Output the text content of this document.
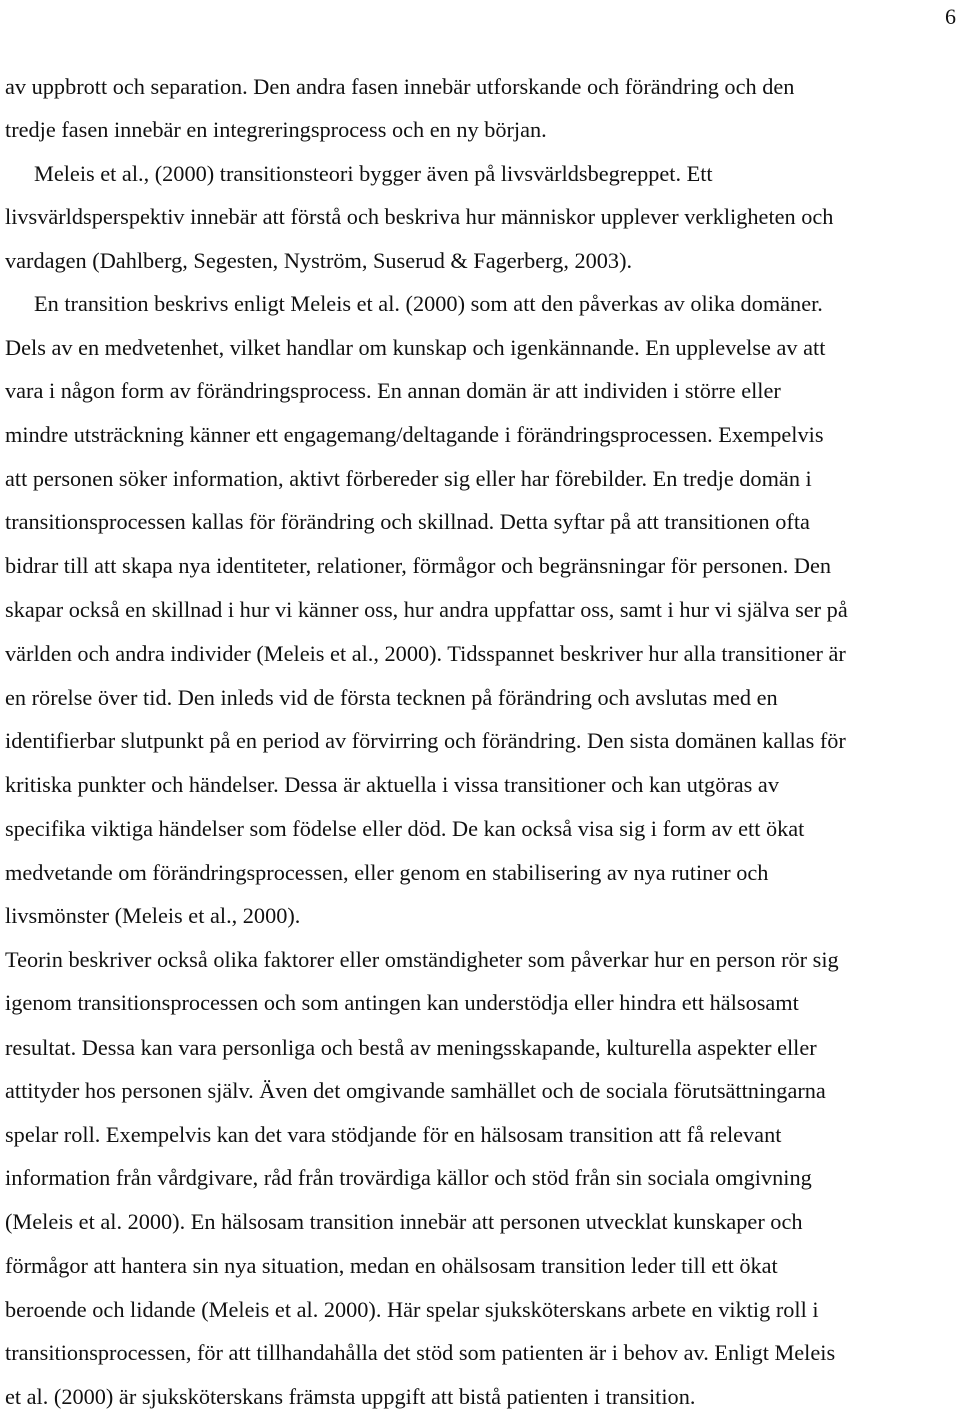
6
av uppbrott och separation. Den andra fasen innebär utforskande och förändring och den
tredje fasen innebär en integreringsprocess och en ny början.
Meleis et al., (2000) transitionsteori bygger även på livsvärldsbegreppet. Ett
livsvärldsperspektiv innebär att förstå och beskriva hur människor upplever verkligheten och
vardagen (Dahlberg, Segesten, Nyström, Suserud & Fagerberg, 2003).
En transition beskrivs enligt Meleis et al. (2000) som att den påverkas av olika domäner.
Dels av en medvetenhet, vilket handlar om kunskap och igenkännande. En upplevelse av att
vara i någon form av förändringsprocess. En annan domän är att individen i större eller
mindre utsträckning känner ett engagemang/deltagande i förändringsprocessen. Exempelvis
att personen söker information, aktivt förbereder sig eller har förebilder. En tredje domän i
transitionsprocessen kallas för förändring och skillnad. Detta syftar på att transitionen ofta
bidrar till att skapa nya identiteter, relationer, förmågor och begränsningar för personen. Den
skapar också en skillnad i hur vi känner oss, hur andra uppfattar oss, samt i hur vi själva ser på
världen och andra individer (Meleis et al., 2000). Tidsspannet beskriver hur alla transitioner är
en rörelse över tid. Den inleds vid de första tecknen på förändring och avslutas med en
identifierbar slutpunkt på en period av förvirring och förändring. Den sista domänen kallas för
kritiska punkter och händelser. Dessa är aktuella i vissa transitioner och kan utgöras av
specifika viktiga händelser som födelse eller död. De kan också visa sig i form av ett ökat
medvetande om förändringsprocessen, eller genom en stabilisering av nya rutiner och
livsmönster (Meleis et al., 2000).
Teorin beskriver också olika faktorer eller omständigheter som påverkar hur en person rör sig
igenom transitionsprocessen och som antingen kan understödja eller hindra ett hälsosamt
resultat. Dessa kan vara personliga och bestå av meningsskapande, kulturella aspekter eller
attityder hos personen själv. Även det omgivande samhället och de sociala förutsättningarna
spelar roll. Exempelvis kan det vara stödjande för en hälsosam transition att få relevant
information från vårdgivare, råd från trovärdiga källor och stöd från sin sociala omgivning
(Meleis et al. 2000). En hälsosam transition innebär att personen utvecklat kunskaper och
förmågor att hantera sin nya situation, medan en ohälsosam transition leder till ett ökat
beroende och lidande (Meleis et al. 2000). Här spelar sjuksköterskans arbete en viktig roll i
transitionsprocessen, för att tillhandahålla det stöd som patienten är i behov av. Enligt Meleis
et al. (2000) är sjuksköterskans främsta uppgift att bistå patienten i transition.
